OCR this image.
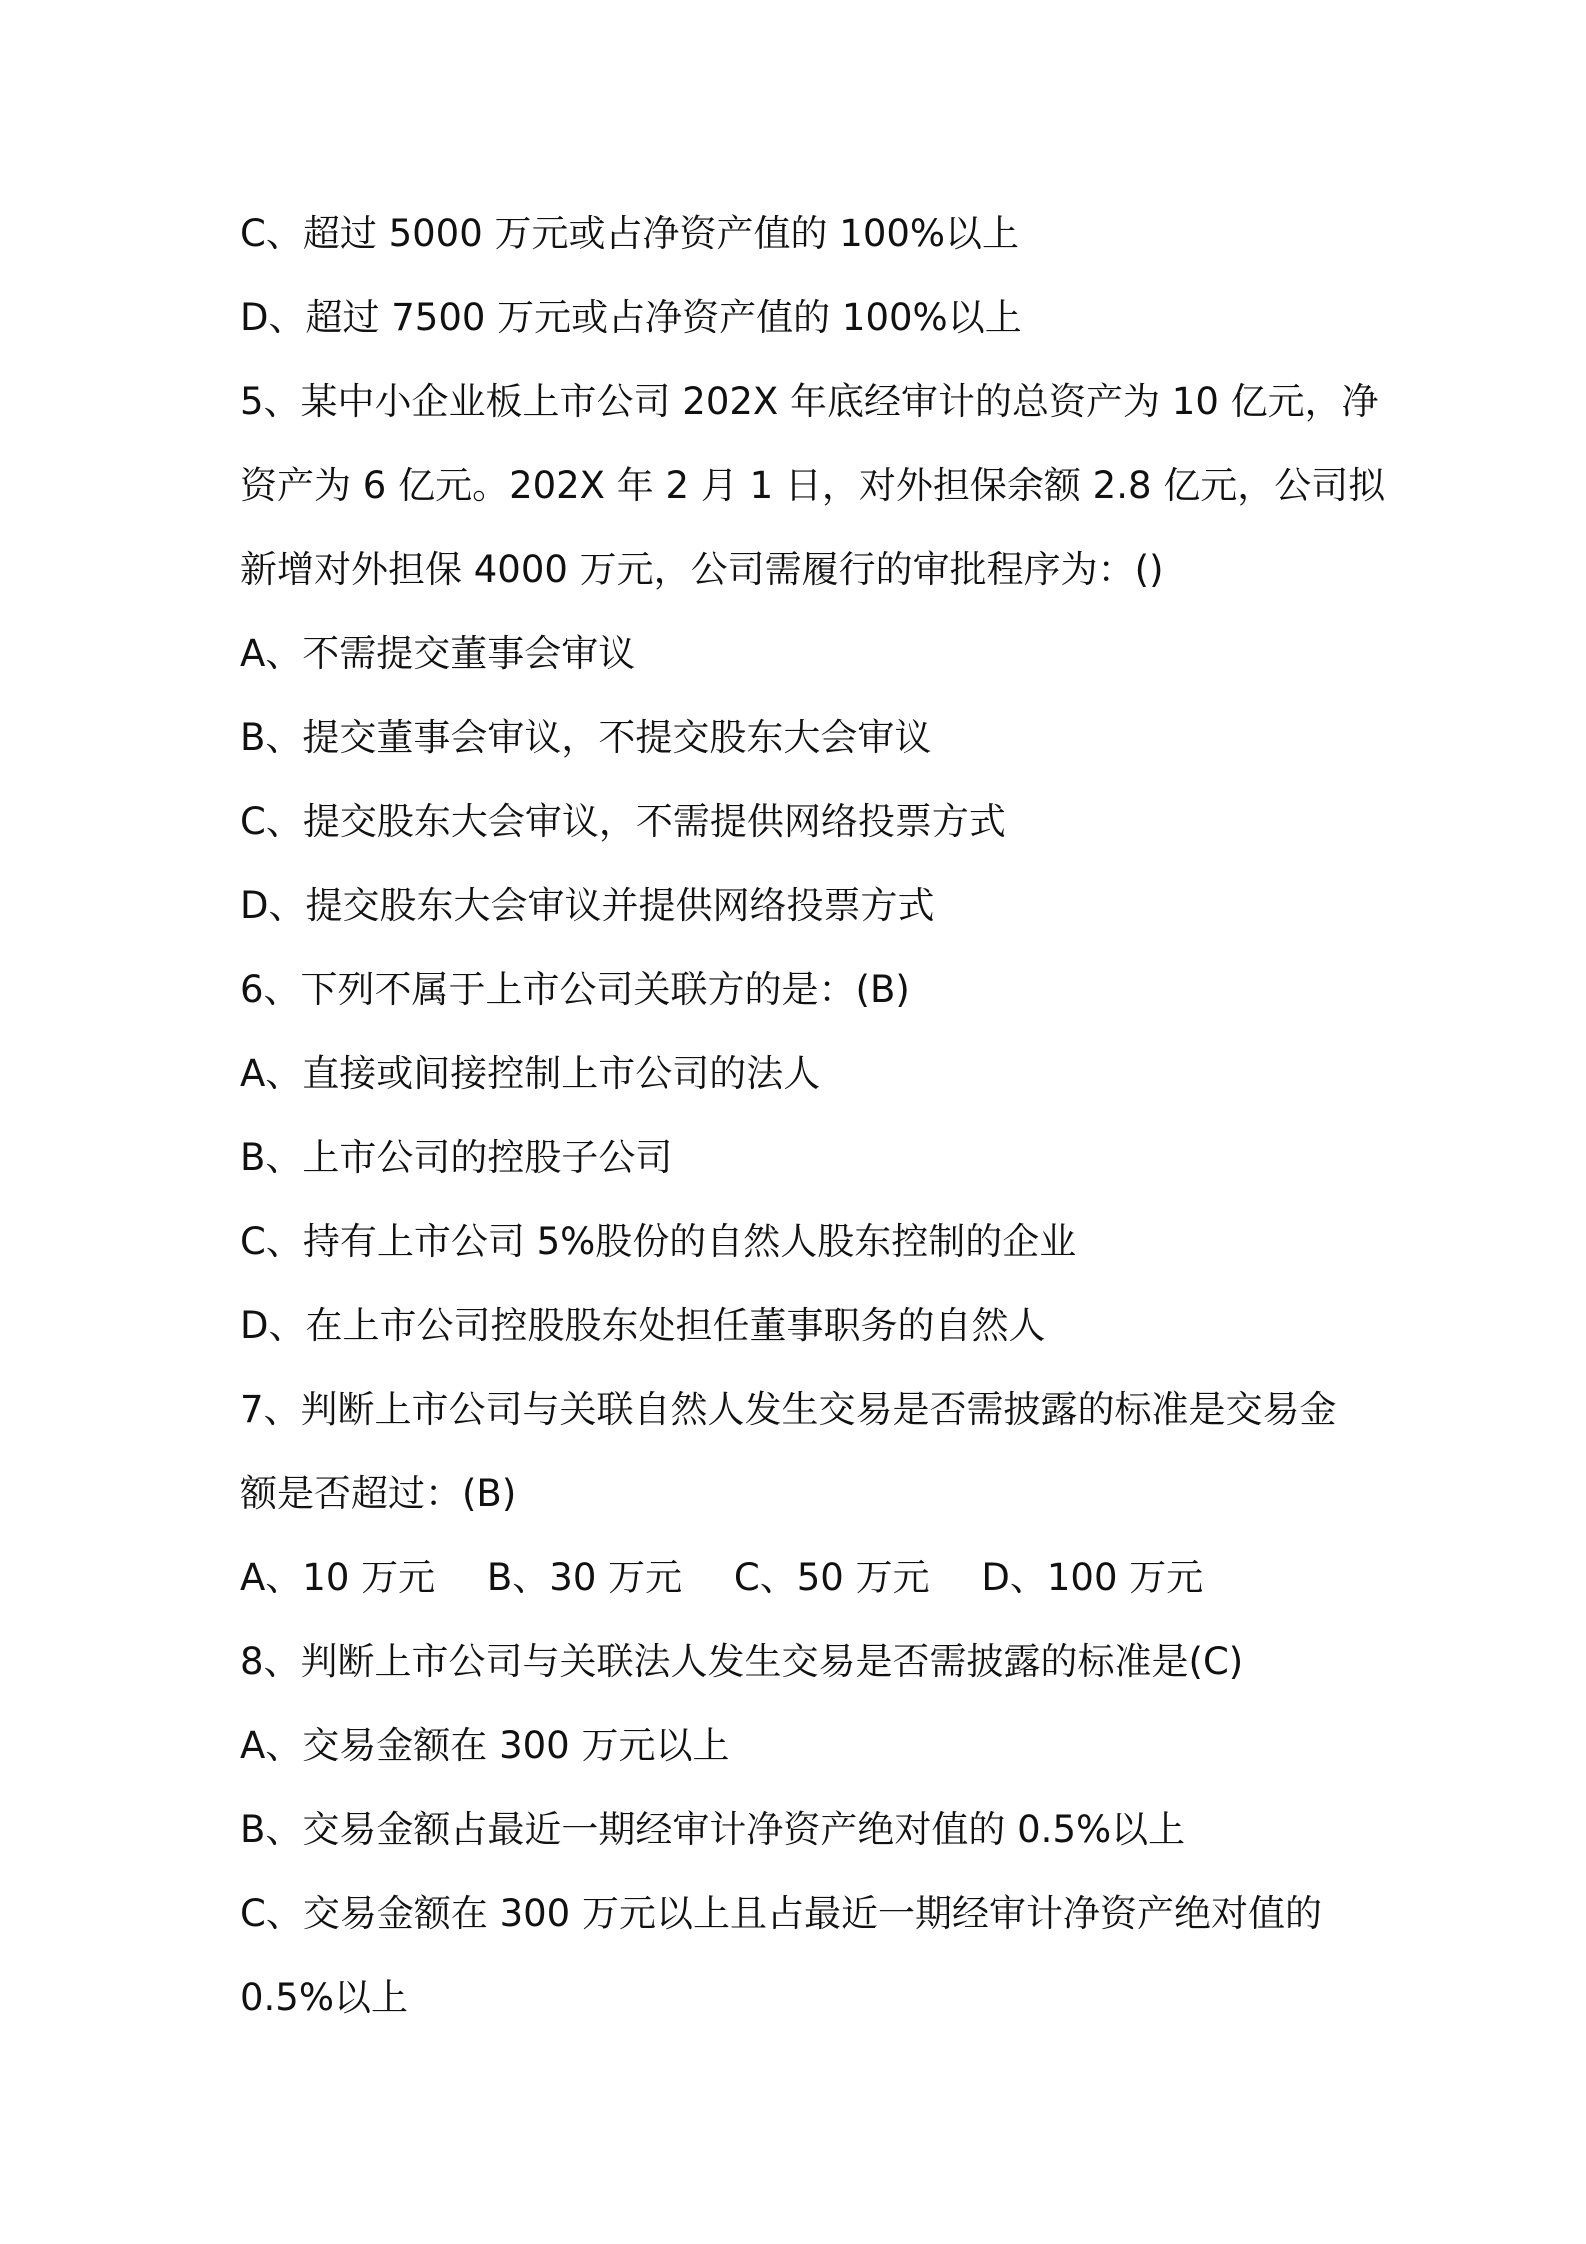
C、超过 5000 万元或占净资产值的 100%以上
D、超过 7500 万元或占净资产值的 100%以上
5、某中小企业板上市公司 202X 年底经审计的总资产为 10 亿元，净
资产为 6 亿元。202X 年 2 月 1 日，对外担保余额 2.8 亿元，公司拟
新增对外担保 4000 万元，公司需履行的审批程序为：()
A、不需提交董事会审议
B、提交董事会审议，不提交股东大会审议
C、提交股东大会审议，不需提供网络投票方式
D、提交股东大会审议并提供网络投票方式
6、下列不属于上市公司关联方的是：(B)
A、直接或间接控制上市公司的法人
B、上市公司的控股子公司
C、持有上市公司 5%股份的自然人股东控制的企业
D、在上市公司控股股东处担任董事职务的自然人
7、判断上市公司与关联自然人发生交易是否需披露的标准是交易金
额是否超过：(B)
A、10 万元 B、30 万元 C、50 万元 D、100 万元
8、判断上市公司与关联法人发生交易是否需披露的标准是(C)
A、交易金额在 300 万元以上
B、交易金额占最近一期经审计净资产绝对值的 0.5%以上
C、交易金额在 300 万元以上且占最近一期经审计净资产绝对值的
0.5%以上
